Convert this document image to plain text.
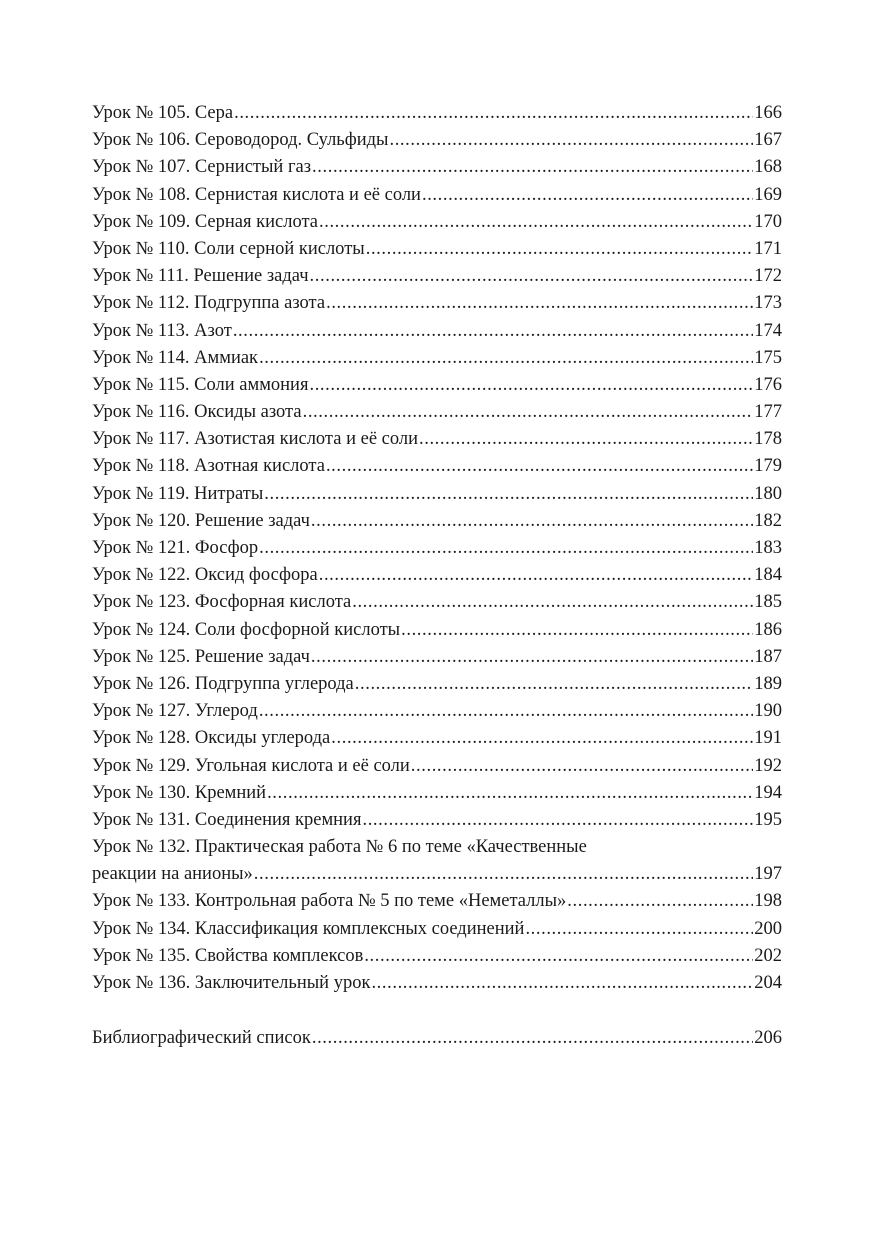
Урок № 105. Сера .....	166
Урок № 106. Сероводород. Сульфиды .....	167
Урок № 107. Сернистый газ .....	168
Урок № 108. Сернистая кислота и её соли .....	169
Урок № 109. Серная кислота .....	170
Урок № 110. Соли серной кислоты .....	171
Урок № 111. Решение задач .....	172
Урок № 112. Подгруппа азота .....	173
Урок № 113. Азот .....	174
Урок № 114. Аммиак .....	175
Урок № 115. Соли аммония .....	176
Урок № 116. Оксиды азота .....	177
Урок № 117. Азотистая кислота и её соли .....	178
Урок № 118. Азотная кислота .....	179
Урок № 119. Нитраты .....	180
Урок № 120. Решение задач .....	182
Урок № 121. Фосфор .....	183
Урок № 122. Оксид фосфора .....	184
Урок № 123. Фосфорная кислота .....	185
Урок № 124. Соли фосфорной кислоты .....	186
Урок № 125. Решение задач .....	187
Урок № 126. Подгруппа углерода .....	189
Урок № 127. Углерод .....	190
Урок № 128. Оксиды углерода .....	191
Урок № 129. Угольная кислота и её соли .....	192
Урок № 130. Кремний .....	194
Урок № 131. Соединения кремния .....	195
Урок № 132. Практическая работа № 6 по теме «Качественные
реакции на анионы» .....	197
Урок № 133. Контрольная работа № 5 по теме «Неметаллы» .....	198
Урок № 134. Классификация комплексных соединений .....	200
Урок № 135. Свойства комплексов .....	202
Урок № 136. Заключительный урок .....	204
Библиографический список .....	206
